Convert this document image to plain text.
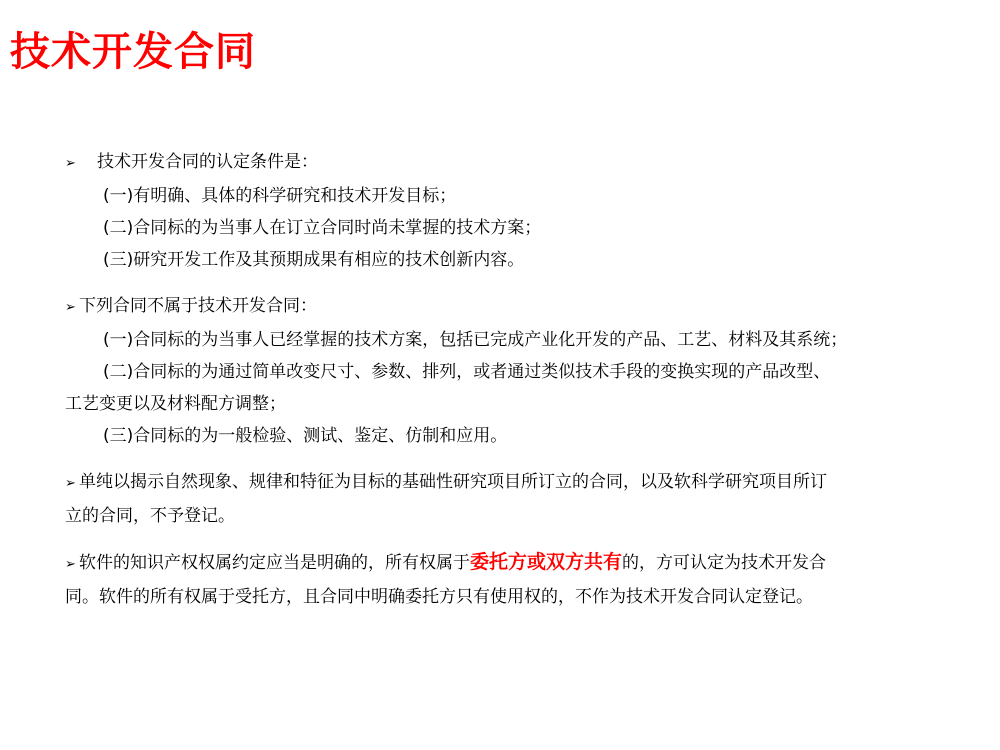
技术开发合同
➢ 技术开发合同的认定条件是：
(一)有明确、具体的科学研究和技术开发目标；
(二)合同标的为当事人在订立合同时尚未掌握的技术方案；
(三)研究开发工作及其预期成果有相应的技术创新内容。
➢ 下列合同不属于技术开发合同：
(一)合同标的为当事人已经掌握的技术方案，包括已完成产业化开发的产品、工艺、材料及其系统；
(二)合同标的为通过简单改变尺寸、参数、排列，或者通过类似技术手段的变换实现的产品改型、
工艺变更以及材料配方调整；
(三)合同标的为一般检验、测试、鉴定、仿制和应用。
➢ 单纯以揭示自然现象、规律和特征为目标的基础性研究项目所订立的合同，以及软科学研究项目所订
立的合同，不予登记。
➢ 软件的知识产权权属约定应当是明确的，所有权属于委托方或双方共有的，方可认定为技术开发合
同。软件的所有权属于受托方，且合同中明确委托方只有使用权的，不作为技术开发合同认定登记。
